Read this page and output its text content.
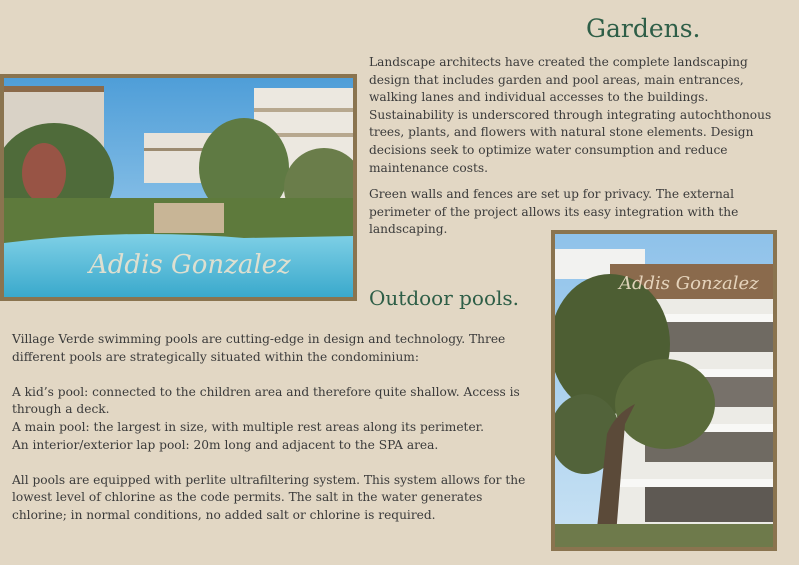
Gardens.

Landscape architects have created the complete landscaping design that includes garden and pool areas, main entrances, walking lanes and individual accesses to the buildings. Sustainability is underscored through integrating autochthonous trees, plants, and flowers with natural stone elements. Design decisions seek to optimize water consumption and reduce maintenance costs.

Green walls and fences are set up for privacy. The external perimeter of the project allows its easy integration with the landscaping.

Addis Gonzalez
Outdoor pools.
Village Verde swimming pools are cutting-edge in design and technology. Three different pools are strategically situated within the condominium:
A kid’s pool: connected to the children area and therefore quite shallow. Access is through a deck.
A main pool: the largest in size, with multiple rest areas along its perimeter.
An interior/exterior lap pool: 20m long and adjacent to the SPA area.
All pools are equipped with perlite ultrafiltering system. This system allows for the lowest level of chlorine as the code permits. The salt in the water generates chlorine; in normal conditions, no added salt or chlorine is required.
Addis Gonzalez
